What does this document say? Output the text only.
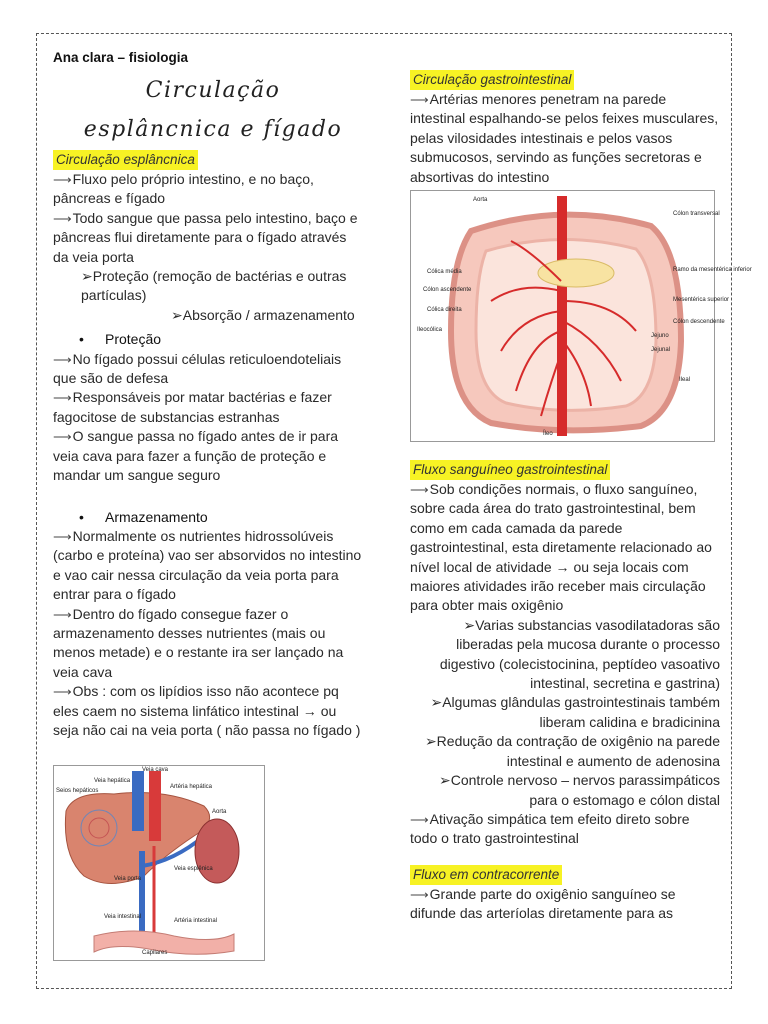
Ana clara – fisiologia
Circulação
esplâncnica e fígado
Circulação esplâncnica

⟶ Fluxo pelo próprio intestino, e no baço, pâncreas e fígado

⟶ Todo sangue que passa pelo intestino, baço e pâncreas flui diretamente para o fígado através da veia porta

➢Proteção (remoção de bactérias e outras partículas)

➢Absorção / armazenamento

•	Proteção

⟶ No fígado possui células reticuloendoteliais que são de defesa

⟶ Responsáveis por matar bactérias e fazer fagocitose de substancias estranhas

⟶ O sangue passa no fígado antes de ir para veia cava para fazer a função de proteção e mandar um sangue seguro

•	Armazenamento

⟶ Normalmente os nutrientes hidrossolúveis (carbo e proteína) vao ser absorvidos no intestino e vao cair nessa circulação da veia porta para entrar para o fígado

⟶ Dentro do fígado consegue fazer o armazenamento desses nutrientes (mais ou menos metade) e o restante ira ser lançado na veia cava

⟶ Obs : com os lipídios isso não acontece pq eles caem no sistema linfático intestinal → ou seja não cai na veia porta ( não passa no fígado )

Veia cava
Veia hepática
Artéria hepática
Seios hepáticos
Aorta
Veia esplênica
Veia porta
Veia intestinal
Artéria intestinal
Capilares
Circulação gastrointestinal

⟶ Artérias menores penetram na parede intestinal espalhando-se pelos feixes musculares, pelas vilosidades intestinais e pelos vasos submucosos, servindo as funções secretoras e absortivas do intestino

Aorta
Cólon transversal
Ramo da mesentérica inferior
Cólica média
Cólon ascendente
Mesentérica superior
Cólica direita
Cólon descendente
Ileocólica
Jejuno
Jejunal
Ileal
Íleo
Fluxo sanguíneo gastrointestinal

⟶ Sob condições normais, o fluxo sanguíneo, sobre cada área do trato gastrointestinal, bem como em cada camada da parede gastrointestinal, esta diretamente relacionado ao nível local de atividade → ou seja locais com maiores atividades irão receber mais circulação para obter mais oxigênio

➢Varias substancias vasodilatadoras são liberadas pela mucosa durante o processo digestivo (colecistocinina, peptídeo vasoativo intestinal, secretina e gastrina)

➢Algumas glândulas gastrointestinais também liberam calidina e bradicinina

➢Redução da contração de oxigênio na parede intestinal e aumento de adenosina

➢Controle nervoso – nervos parassimpáticos para o estomago e cólon distal

⟶ Ativação simpática tem efeito direto sobre todo o trato gastrointestinal

Fluxo em contracorrente

⟶ Grande parte do oxigênio sanguíneo se difunde das arteríolas diretamente para as
